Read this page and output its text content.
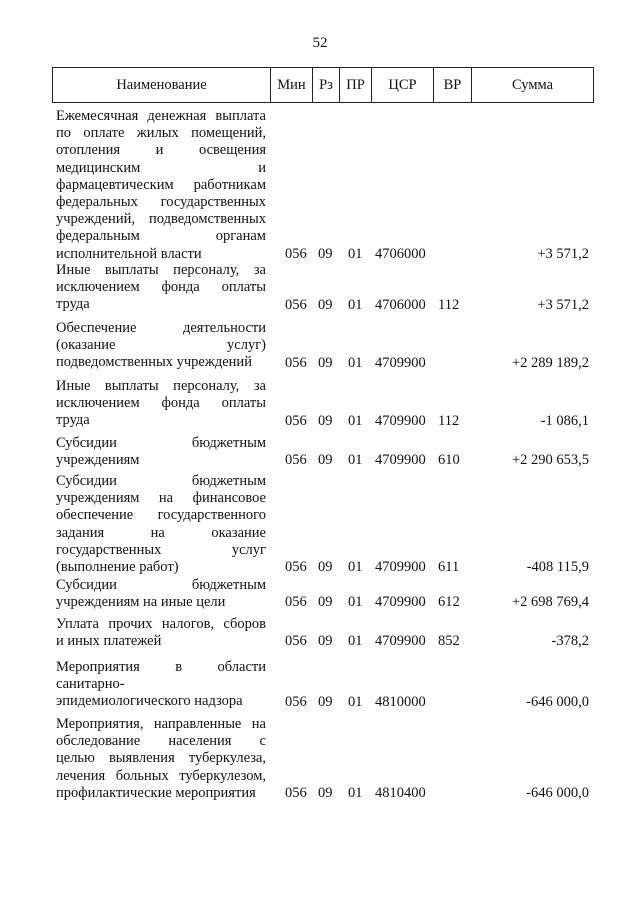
52
Наименование	Мин Рз ПР	ЦСР	ВР	Сумма
Ежемесячная денежная выплата
по оплате жилых помещений,
отопления и освещения
медицинским и
фармацевтическим работникам
федеральных государственных
учреждений, подведомственных
федеральным органам
исполнительной власти	056 09 01 4706000	+3 571,2
Иные выплаты персоналу, за
исключением фонда оплаты
труда	056 09 01 4706000 112	+3 571,2
Обеспечение деятельности
(оказание услуг)
подведомственных учреждений	056 09 01 4709900	+2 289 189,2
Иные выплаты персоналу, за
исключением фонда оплаты
труда	056 09 01 4709900 112	-1 086,1
Субсидии бюджетным
учреждениям	056 09 01 4709900 610	+2 290 653,5
Субсидии бюджетным
учреждениям на финансовое
обеспечение государственного
задания на оказание
государственных услуг
(выполнение работ)	056 09 01 4709900 611	-408 115,9
Субсидии бюджетным
учреждениям на иные цели	056 09 01 4709900 612	+2 698 769,4
Уплата прочих налогов, сборов
и иных платежей	056 09 01 4709900 852	-378,2
Мероприятия в области
санитарно-
эпидемиологического надзора	056 09 01 4810000	-646 000,0
Мероприятия, направленные на
обследование населения с
целью выявления туберкулеза,
лечения больных туберкулезом,
профилактические мероприятия	056 09 01 4810400	-646 000,0
